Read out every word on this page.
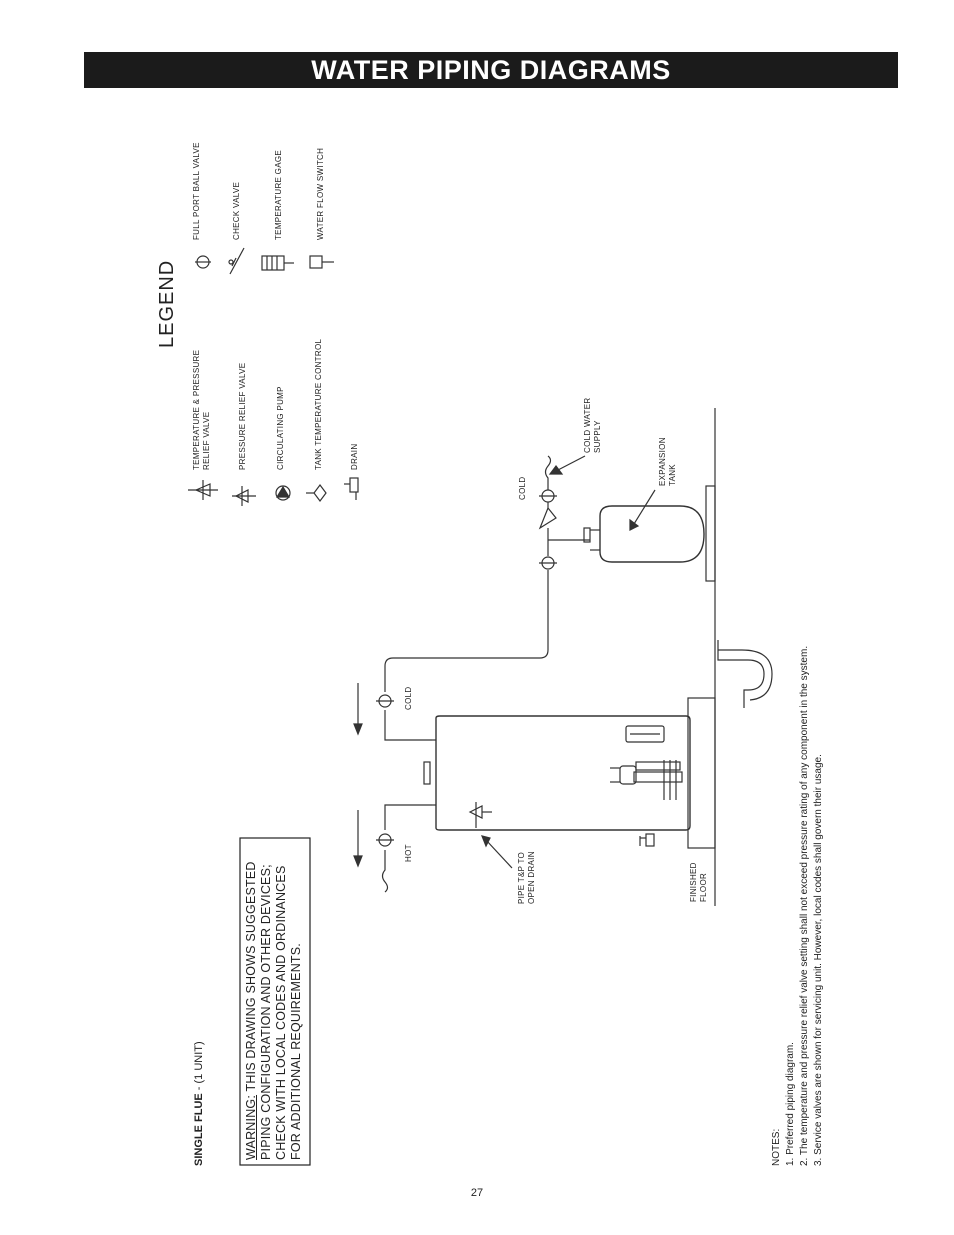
WATER PIPING DIAGRAMS
LEGEND
TEMPERATURE & PRESSURE RELIEF VALVE	PRESSURE RELIEF VALVE	CIRCULATING PUMP	TANK TEMPERATURE CONTROL	DRAIN
FULL PORT BALL VALVE	CHECK VALVE	TEMPERATURE GAGE	WATER FLOW SWITCH
SINGLE FLUE - (1 UNIT)
WARNING: THIS DRAWING SHOWS SUGGESTED PIPING CONFIGURATION AND OTHER DEVICES; CHECK WITH LOCAL CODES AND ORDINANCES FOR ADDITIONAL REQUIREMENTS.
HOT
COLD
COLD
COLD WATER SUPPLY
EXPANSION TANK
PIPE T&P TO OPEN DRAIN	FINISHED FLOOR
NOTES: 1. Preferred piping diagram. 2. The temperature and pressure relief valve setting shall not exceed pressure rating of any component in the system. 3. Service valves are shown for servicing unit. However, local codes shall govern their usage.
27
